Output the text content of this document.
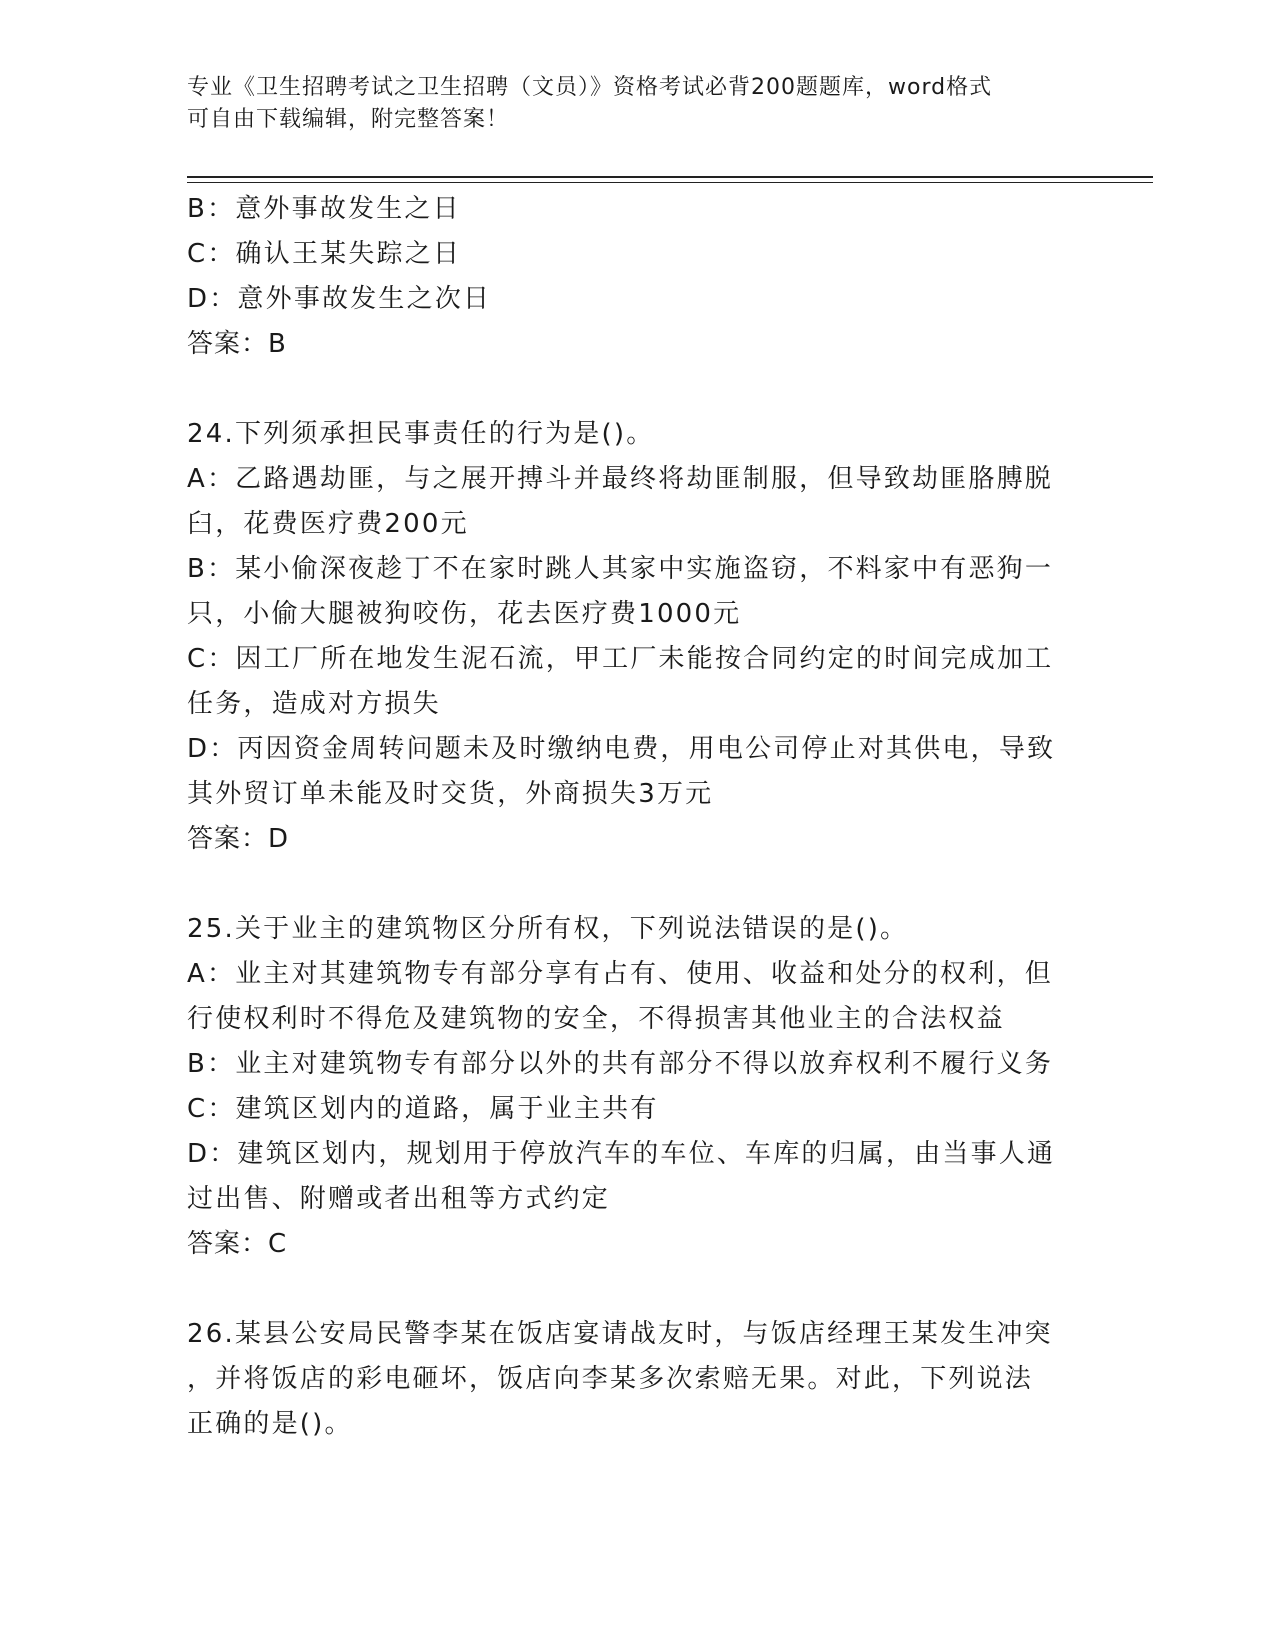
专业《卫生招聘考试之卫生招聘（文员）》资格考试必背200题题库，word格式
可自由下载编辑，附完整答案！
B：意外事故发生之日
C：确认王某失踪之日
D：意外事故发生之次日
答案：B
24.下列须承担民事责任的行为是()。
A：乙路遇劫匪，与之展开搏斗并最终将劫匪制服，但导致劫匪胳膊脱
臼，花费医疗费200元
B：某小偷深夜趁丁不在家时跳人其家中实施盗窃，不料家中有恶狗一
只，小偷大腿被狗咬伤，花去医疗费1000元
C：因工厂所在地发生泥石流，甲工厂未能按合同约定的时间完成加工
任务，造成对方损失
D：丙因资金周转问题未及时缴纳电费，用电公司停止对其供电，导致
其外贸订单未能及时交货，外商损失3万元
答案：D
25.关于业主的建筑物区分所有权，下列说法错误的是()。
A：业主对其建筑物专有部分享有占有、使用、收益和处分的权利，但
行使权利时不得危及建筑物的安全，不得损害其他业主的合法权益
B：业主对建筑物专有部分以外的共有部分不得以放弃权利不履行义务
C：建筑区划内的道路，属于业主共有
D：建筑区划内，规划用于停放汽车的车位、车库的归属，由当事人通
过出售、附赠或者出租等方式约定
答案：C
26.某县公安局民警李某在饭店宴请战友时，与饭店经理王某发生冲突
，并将饭店的彩电砸坏，饭店向李某多次索赔无果。对此，下列说法
正确的是()。
